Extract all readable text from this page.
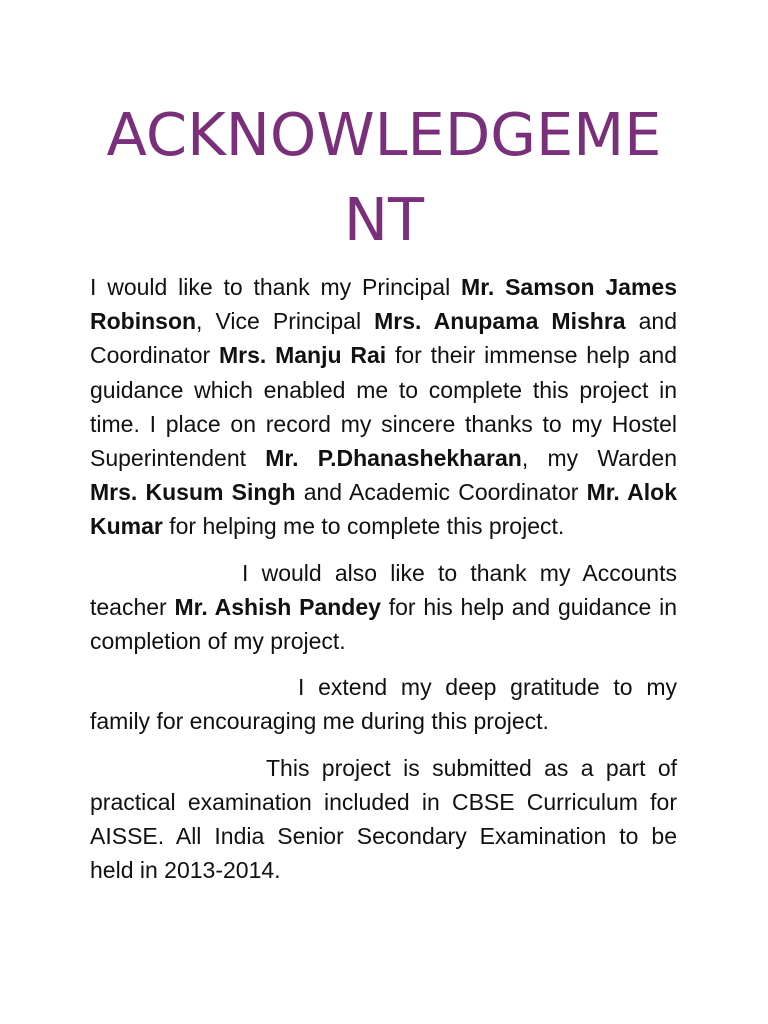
ACKNOWLEDGEMENT

I would like to thank my Principal Mr. Samson James Robinson, Vice Principal Mrs. Anupama Mishra and Coordinator Mrs. Manju Rai for their immense help and guidance which enabled me to complete this project in time. I place on record my sincere thanks to my Hostel Superintendent Mr. P.Dhanashekharan, my Warden Mrs. Kusum Singh and Academic Coordinator Mr. Alok Kumar for helping me to complete this project.

I would also like to thank my Accounts teacher Mr. Ashish Pandey for his help and guidance in completion of my project.

I extend my deep gratitude to my family for encouraging me during this project.

This project is submitted as a part of practical examination included in CBSE Curriculum for AISSE. All India Senior Secondary Examination to be held in 2013-2014.
